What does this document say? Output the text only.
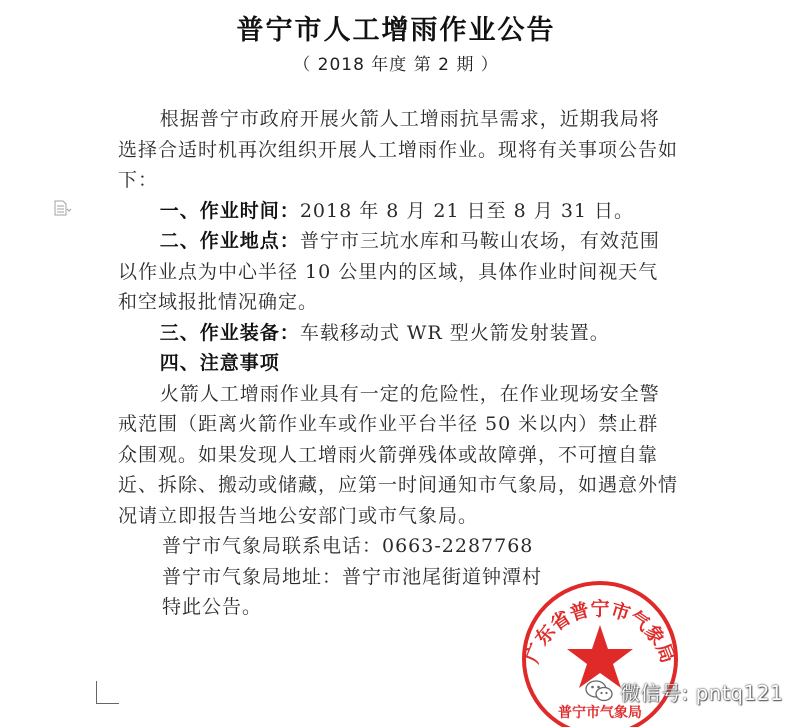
普宁市人工增雨作业公告
（ 2018 年度 第 2 期 ）

根据普宁市政府开展火箭人工增雨抗旱需求，近期我局将选择合适时机再次组织开展人工增雨作业。现将有关事项公告如下：

一、作业时间：2018 年 8 月 21 日至 8 月 31 日。

二、作业地点：普宁市三坑水库和马鞍山农场，有效范围以作业点为中心半径 10 公里内的区域，具体作业时间视天气和空域报批情况确定。

三、作业装备：车载移动式 WR 型火箭发射装置。

四、注意事项

火箭人工增雨作业具有一定的危险性，在作业现场安全警戒范围（距离火箭作业车或作业平台半径 50 米以内）禁止群众围观。如果发现人工增雨火箭弹残体或故障弹，不可擅自靠近、拆除、搬动或储藏，应第一时间通知市气象局，如遇意外情况请立即报告当地公安部门或市气象局。

普宁市气象局联系电话：0663-2287768

普宁市气象局地址：普宁市池尾街道钟潭村

特此公告。

广东省普宁市气象局
普宁市气象局
微信号: pntq121
